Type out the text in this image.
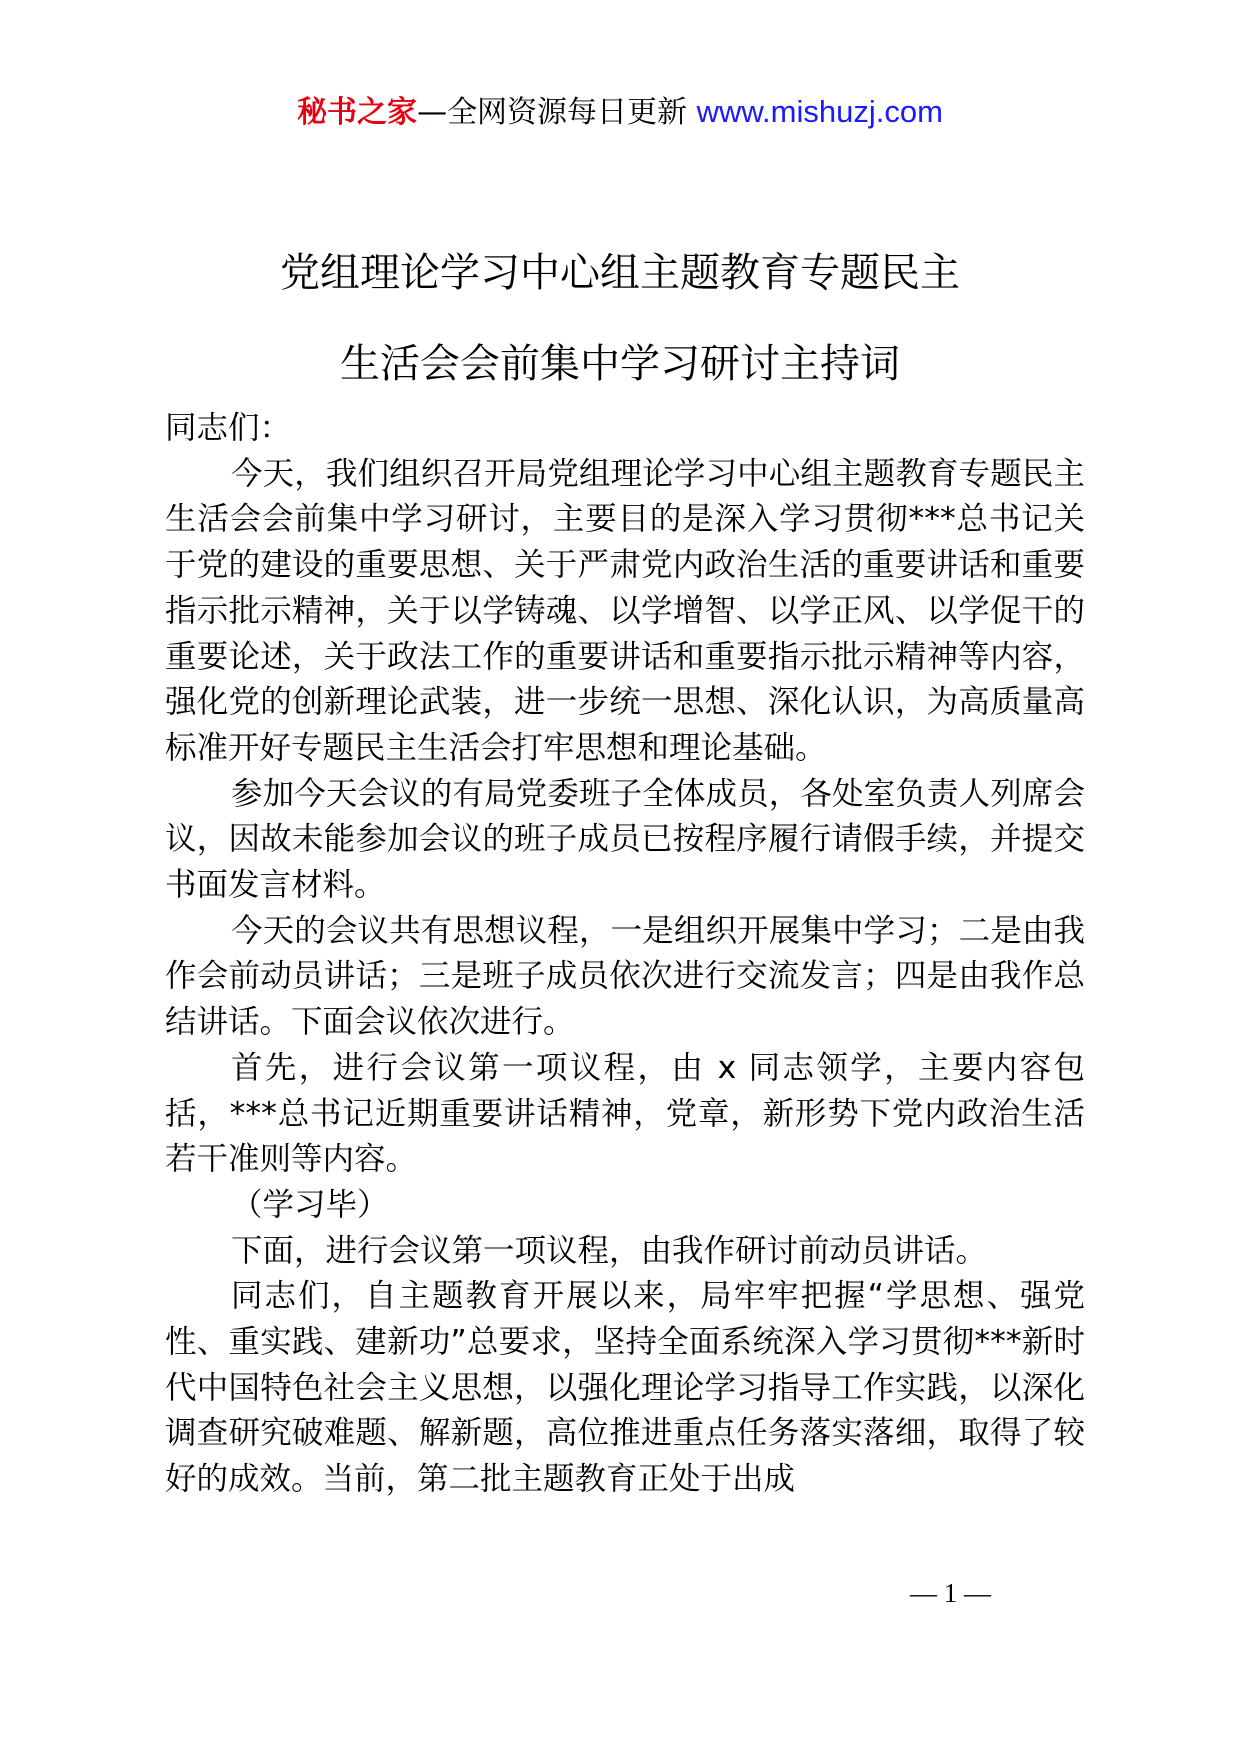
秘书之家—全网资源每日更新 www.mishuzj.com
党组理论学习中心组主题教育专题民主
生活会会前集中学习研讨主持词

同志们：

今天，我们组织召开局党组理论学习中心组主题教育专题民主生活会会前集中学习研讨，主要目的是深入学习贯彻***总书记关于党的建设的重要思想、关于严肃党内政治生活的重要讲话和重要指示批示精神，关于以学铸魂、以学增智、以学正风、以学促干的重要论述，关于政法工作的重要讲话和重要指示批示精神等内容，强化党的创新理论武装，进一步统一思想、深化认识，为高质量高标准开好专题民主生活会打牢思想和理论基础。

参加今天会议的有局党委班子全体成员，各处室负责人列席会议，因故未能参加会议的班子成员已按程序履行请假手续，并提交书面发言材料。

今天的会议共有思想议程，一是组织开展集中学习；二是由我作会前动员讲话；三是班子成员依次进行交流发言；四是由我作总结讲话。下面会议依次进行。

首先，进行会议第一项议程，由 x 同志领学，主要内容包括，***总书记近期重要讲话精神，党章，新形势下党内政治生活若干准则等内容。

（学习毕）

下面，进行会议第一项议程，由我作研讨前动员讲话。

同志们，自主题教育开展以来，局牢牢把握“学思想、强党性、重实践、建新功”总要求，坚持全面系统深入学习贯彻***新时代中国特色社会主义思想，以强化理论学习指导工作实践，以深化调查研究破难题、解新题，高位推进重点任务落实落细，取得了较好的成效。当前，第二批主题教育正处于出成

— 1 —
